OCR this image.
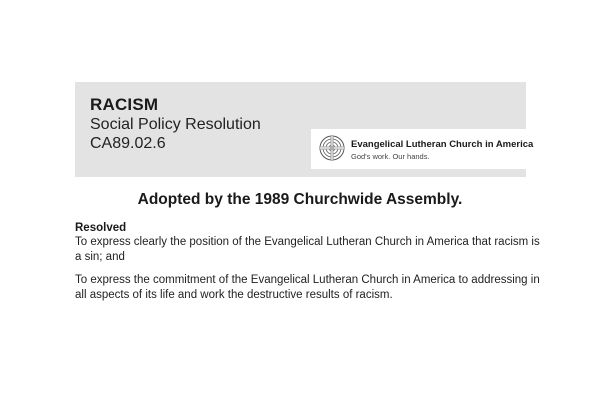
RACISM
Social Policy Resolution
CA89.02.6	Evangelical Lutheran Church in America
God's work. Our hands.
Adopted by the 1989 Churchwide Assembly.
Resolved

To express clearly the position of the Evangelical Lutheran Church in America that racism is a sin; and

To express the commitment of the Evangelical Lutheran Church in America to addressing in all aspects of its life and work the destructive results of racism.
